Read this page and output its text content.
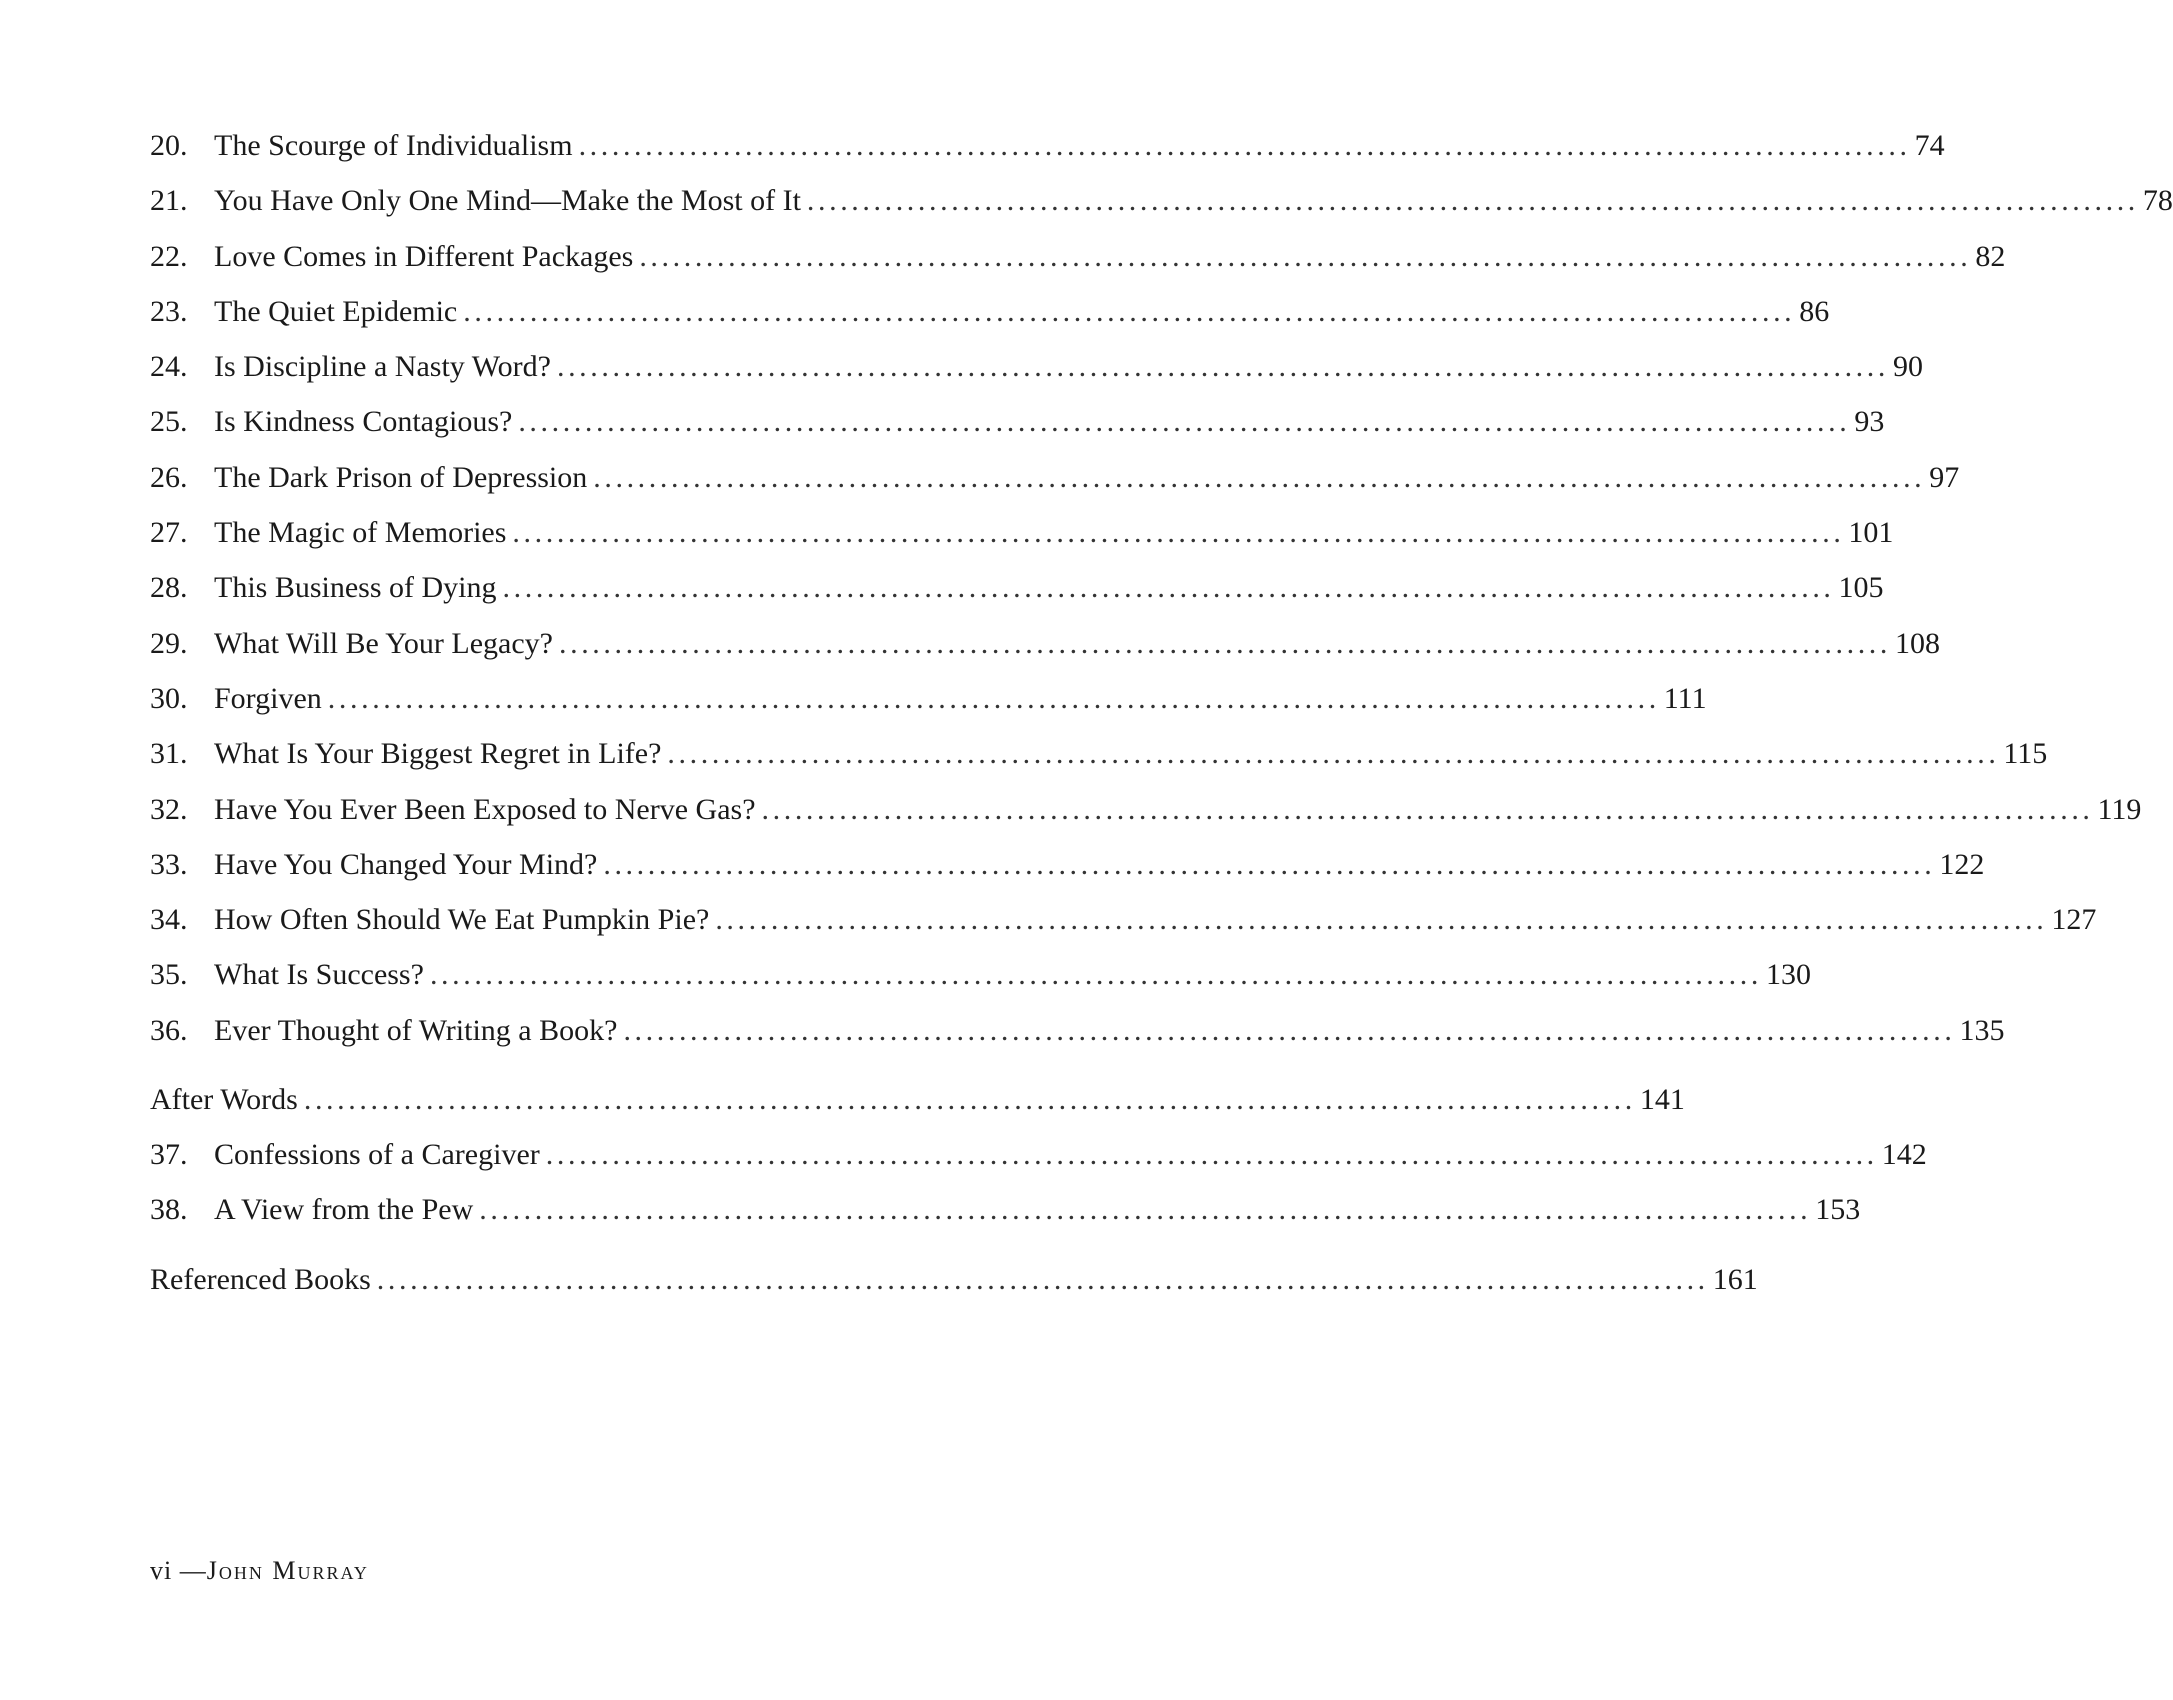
20. The Scourge of Individualism ........................................................................................................................ 74
21. You Have Only One Mind—Make the Most of It ........................................................................................................................ 78
22. Love Comes in Different Packages ........................................................................................................................ 82
23. The Quiet Epidemic ........................................................................................................................ 86
24. Is Discipline a Nasty Word? ........................................................................................................................ 90
25. Is Kindness Contagious? ........................................................................................................................ 93
26. The Dark Prison of Depression ........................................................................................................................ 97
27. The Magic of Memories ........................................................................................................................ 101
28. This Business of Dying ........................................................................................................................ 105
29. What Will Be Your Legacy? ........................................................................................................................ 108
30. Forgiven ........................................................................................................................ 111
31. What Is Your Biggest Regret in Life? ........................................................................................................................ 115
32. Have You Ever Been Exposed to Nerve Gas? ........................................................................................................................ 119
33. Have You Changed Your Mind? ........................................................................................................................ 122
34. How Often Should We Eat Pumpkin Pie? ........................................................................................................................ 127
35. What Is Success? ........................................................................................................................ 130
36. Ever Thought of Writing a Book? ........................................................................................................................ 135
After Words ........................................................................................................................ 141
37. Confessions of a Caregiver ........................................................................................................................ 142
38. A View from the Pew ........................................................................................................................ 153
Referenced Books ........................................................................................................................ 161
vi —John Murray
